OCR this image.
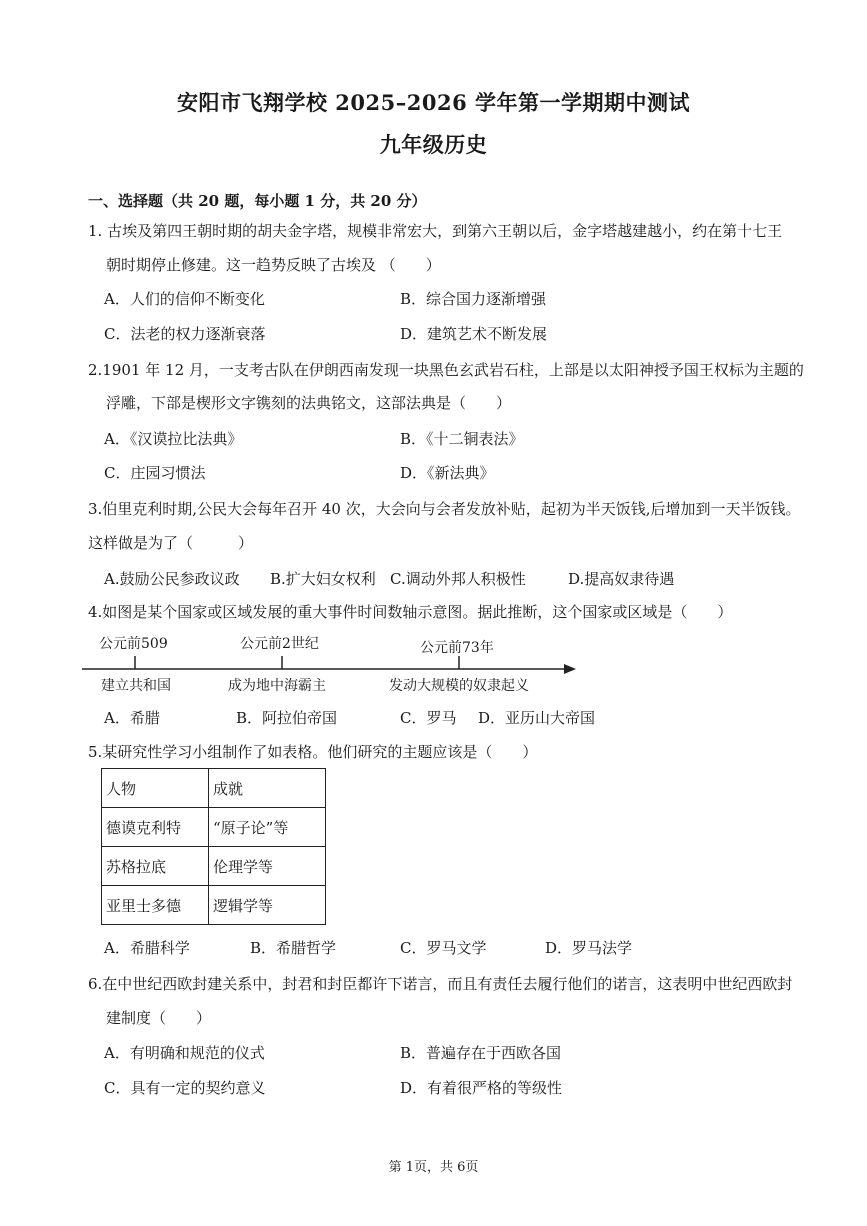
安阳市飞翔学校 2025–2026 学年第一学期期中测试
九年级历史
一、选择题（共 20 题，每小题 1 分，共 20 分）
1. 古埃及第四王朝时期的胡夫金字塔，规模非常宏大，到第六王朝以后，金字塔越建越小，约在第十七王
朝时期停止修建。这一趋势反映了古埃及 （　　）
A．人们的信仰不断变化	B．综合国力逐渐增强
C．法老的权力逐渐衰落	D．建筑艺术不断发展
2.1901 年 12 月，一支考古队在伊朗西南发现一块黑色玄武岩石柱，上部是以太阳神授予国王权标为主题的
浮雕，下部是楔形文字镌刻的法典铭文，这部法典是（　　）
A．《汉谟拉比法典》	B．《十二铜表法》
C．庄园习惯法	D．《新法典》
3.伯里克利时期,公民大会每年召开 40 次，大会向与会者发放补贴，起初为半天饭钱,后增加到一天半饭钱。
这样做是为了（　　　）
A.鼓励公民参政议政 B.扩大妇女权利 C.调动外邦人积极性	D.提高奴隶待遇
4.如图是某个国家或区域发展的重大事件时间数轴示意图。据此推断，这个国家或区域是（　　）
公元前509	公元前2世纪	公元前73年
建立共和国	成为地中海霸主	发动大规模的奴隶起义
A．希腊	B．阿拉伯帝国	C．罗马 D．亚历山大帝国
5.某研究性学习小组制作了如表格。他们研究的主题应该是（　　）
人物	成就
德谟克利特	“原子论”等
苏格拉底	伦理学等
亚里士多德	逻辑学等
A．希腊科学	B．希腊哲学	C．罗马文学	D．罗马法学
6.在中世纪西欧封建关系中，封君和封臣都许下诺言，而且有责任去履行他们的诺言，这表明中世纪西欧封
建制度（　　）
A．有明确和规范的仪式	B．普遍存在于西欧各国
C．具有一定的契约意义	D．有着很严格的等级性
第 1页，共 6页
